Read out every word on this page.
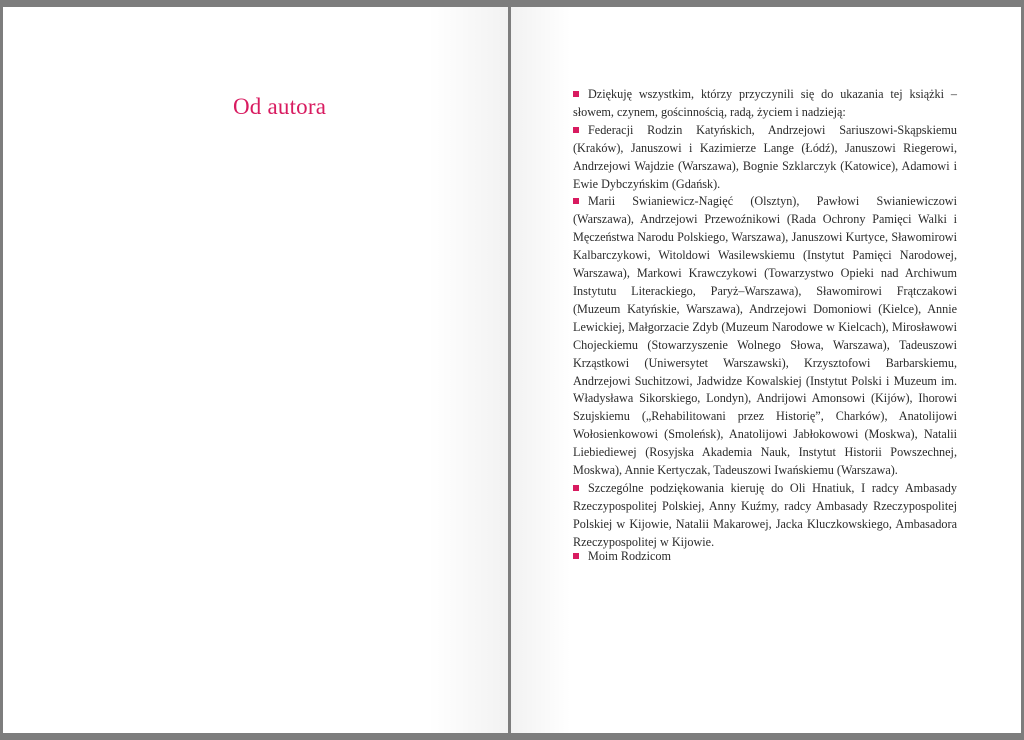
Od autora	Dziękuję wszystkim, którzy przyczynili się do ukazania tej książki – słowem, czynem, gościnnością, radą, życiem i nadzieją:

Federacji Rodzin Katyńskich, Andrzejowi Sariuszowi-Skąpskiemu (Kraków), Januszowi i Kazimierze Lange (Łódź), Januszowi Riegerowi, Andrzejowi Wajdzie (Warszawa), Bognie Szklarczyk (Katowice), Adamowi i Ewie Dybczyńskim (Gdańsk).

Marii Swianiewicz-Nagięć (Olsztyn), Pawłowi Swianiewiczowi (Warszawa), Andrzejowi Przewoźnikowi (Rada Ochrony Pamięci Walki i Męczeństwa Narodu Polskiego, Warszawa), Januszowi Kurtyce, Sławomirowi Kalbarczykowi, Witoldowi Wasilewskiemu (Instytut Pamięci Narodowej, Warszawa), Markowi Krawczykowi (Towarzystwo Opieki nad Archiwum Instytutu Literackiego, Paryż–Warszawa), Sławomirowi Frątczakowi (Muzeum Katyńskie, Warszawa), Andrzejowi Domoniowi (Kielce), Annie Lewickiej, Małgorzacie Zdyb (Muzeum Narodowe w Kielcach), Mirosławowi Chojeckiemu (Stowarzyszenie Wolnego Słowa, Warszawa), Tadeuszowi Krząstkowi (Uniwersytet Warszawski), Krzysztofowi Barbarskiemu, Andrzejowi Suchitzowi, Jadwidze Kowalskiej (Instytut Polski i Muzeum im. Władysława Sikorskiego, Londyn), Andrijowi Amonsowi (Kijów), Ihorowi Szujskiemu („Rehabilitowani przez Historię”, Charków), Anatolijowi Wołosienkowowi (Smoleńsk), Anatolijowi Jabłokowowi (Moskwa), Natalii Liebiediewej (Rosyjska Akademia Nauk, Instytut Historii Powszechnej, Moskwa), Annie Kertyczak, Tadeuszowi Iwańskiemu (Warszawa).

Szczególne podziękowania kieruję do Oli Hnatiuk, I radcy Ambasady Rzeczypospolitej Polskiej, Anny Kuźmy, radcy Ambasady Rzeczypospolitej Polskiej w Kijowie, Natalii Makarowej, Jacka Kluczkowskiego, Ambasadora Rzeczypospolitej w Kijowie.

Moim Rodzicom
